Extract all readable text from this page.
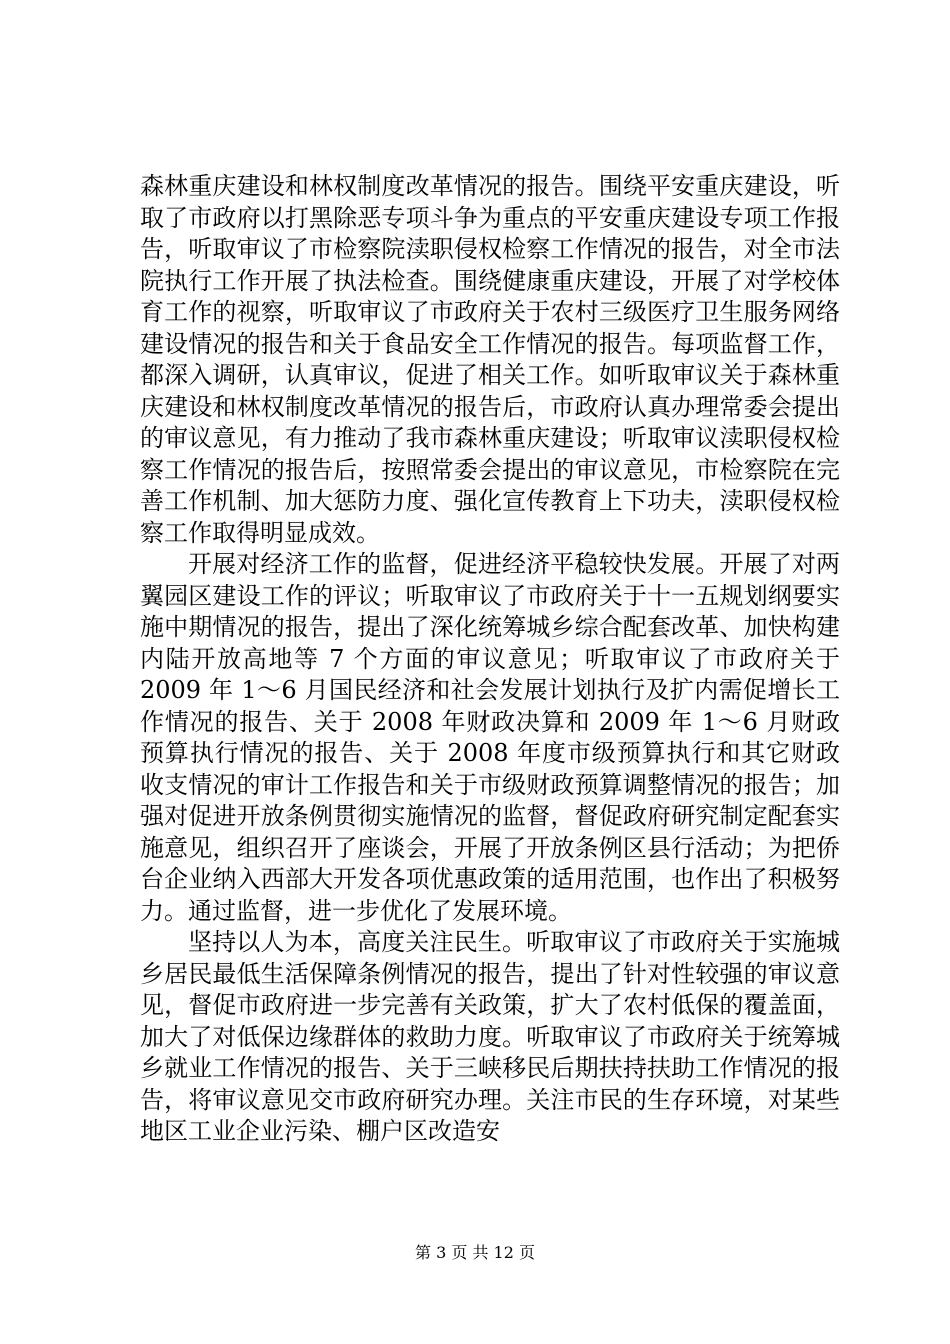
森林重庆建设和林权制度改革情况的报告。围绕平安重庆建设，听取了市政府以打黑除恶专项斗争为重点的平安重庆建设专项工作报告，听取审议了市检察院渎职侵权检察工作情况的报告，对全市法院执行工作开展了执法检查。围绕健康重庆建设，开展了对学校体育工作的视察，听取审议了市政府关于农村三级医疗卫生服务网络建设情况的报告和关于食品安全工作情况的报告。每项监督工作，都深入调研，认真审议，促进了相关工作。如听取审议关于森林重庆建设和林权制度改革情况的报告后，市政府认真办理常委会提出的审议意见，有力推动了我市森林重庆建设；听取审议渎职侵权检察工作情况的报告后，按照常委会提出的审议意见，市检察院在完善工作机制、加大惩防力度、强化宣传教育上下功夫，渎职侵权检察工作取得明显成效。

开展对经济工作的监督，促进经济平稳较快发展。开展了对两翼园区建设工作的评议；听取审议了市政府关于十一五规划纲要实施中期情况的报告，提出了深化统筹城乡综合配套改革、加快构建内陆开放高地等 7 个方面的审议意见；听取审议了市政府关于 2009 年 1～6 月国民经济和社会发展计划执行及扩内需促增长工作情况的报告、关于 2008 年财政决算和 2009 年 1～6 月财政预算执行情况的报告、关于 2008 年度市级预算执行和其它财政收支情况的审计工作报告和关于市级财政预算调整情况的报告；加强对促进开放条例贯彻实施情况的监督，督促政府研究制定配套实施意见，组织召开了座谈会，开展了开放条例区县行活动；为把侨台企业纳入西部大开发各项优惠政策的适用范围，也作出了积极努力。通过监督，进一步优化了发展环境。

坚持以人为本，高度关注民生。听取审议了市政府关于实施城乡居民最低生活保障条例情况的报告，提出了针对性较强的审议意见，督促市政府进一步完善有关政策，扩大了农村低保的覆盖面，加大了对低保边缘群体的救助力度。听取审议了市政府关于统筹城乡就业工作情况的报告、关于三峡移民后期扶持扶助工作情况的报告，将审议意见交市政府研究办理。关注市民的生存环境，对某些地区工业企业污染、棚户区改造安

第 3 页 共 12 页
